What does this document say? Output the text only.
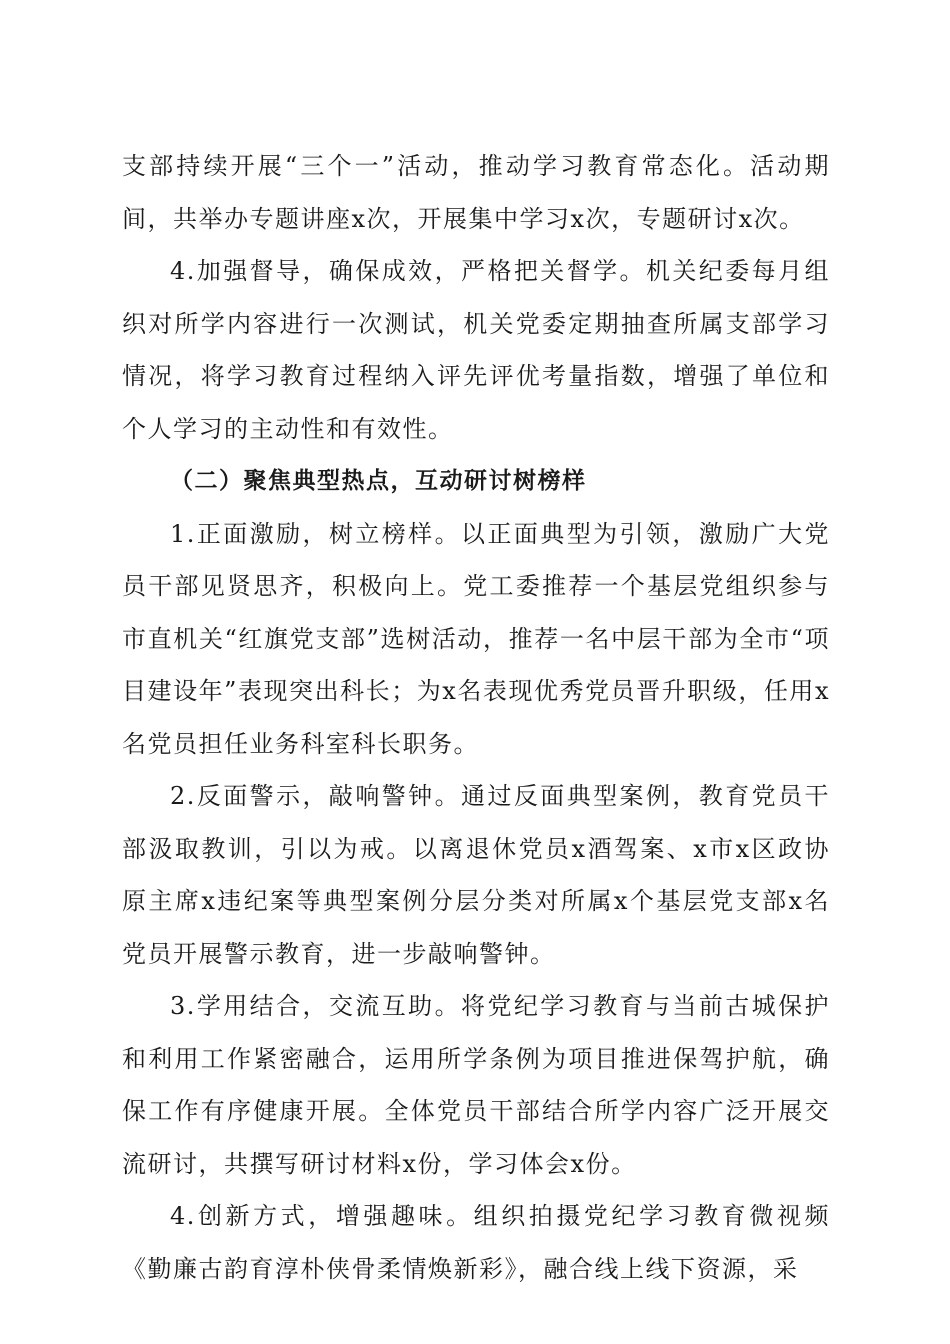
支部持续开展“三个一”活动，推动学习教育常态化。活动期间，共举办专题讲座x次，开展集中学习x次，专题研讨x次。

4.加强督导，确保成效，严格把关督学。机关纪委每月组织对所学内容进行一次测试，机关党委定期抽查所属支部学习情况，将学习教育过程纳入评先评优考量指数，增强了单位和个人学习的主动性和有效性。

（二）聚焦典型热点，互动研讨树榜样

1.正面激励，树立榜样。以正面典型为引领，激励广大党员干部见贤思齐，积极向上。党工委推荐一个基层党组织参与市直机关“红旗党支部”选树活动，推荐一名中层干部为全市“项目建设年”表现突出科长；为x名表现优秀党员晋升职级，任用x名党员担任业务科室科长职务。

2.反面警示，敲响警钟。通过反面典型案例，教育党员干部汲取教训，引以为戒。以离退休党员x酒驾案、x市x区政协原主席x违纪案等典型案例分层分类对所属x个基层党支部x名党员开展警示教育，进一步敲响警钟。

3.学用结合，交流互助。将党纪学习教育与当前古城保护和利用工作紧密融合，运用所学条例为项目推进保驾护航，确保工作有序健康开展。全体党员干部结合所学内容广泛开展交流研讨，共撰写研讨材料x份，学习体会x份。

4.创新方式，增强趣味。组织拍摄党纪学习教育微视频《勤廉古韵育淳朴侠骨柔情焕新彩》，融合线上线下资源，采
